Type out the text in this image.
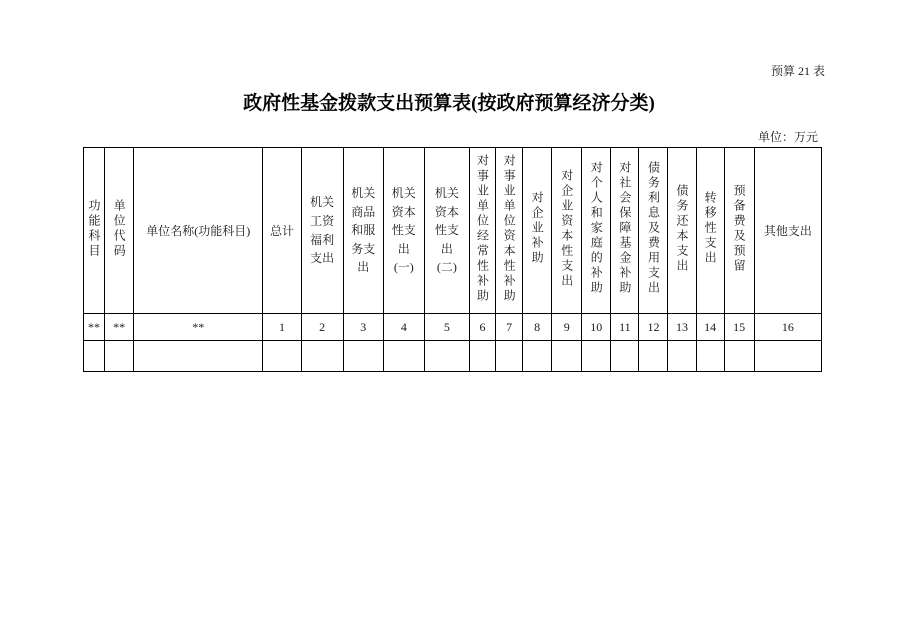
预算 21 表
政府性基金拨款支出预算表(按政府预算经济分类)
单位：万元
功能科目	单位代码	单位名称(功能科目)	总计	机关工资福利支出	机关商品和服务支出	机关资本性支出(一)	机关资本性支出(二)	对事业单位经常性补助	对事业单位资本性补助	对企业补助	对企业资本性支出	对个人和家庭的补助	对社会保障基金补助	债务利息及费用支出	债务还本支出	转移性支出	预备费及预留	其他支出
**	**	**	1	2	3	4	5	6	7	8	9	10	11	12	13	14	15	16
